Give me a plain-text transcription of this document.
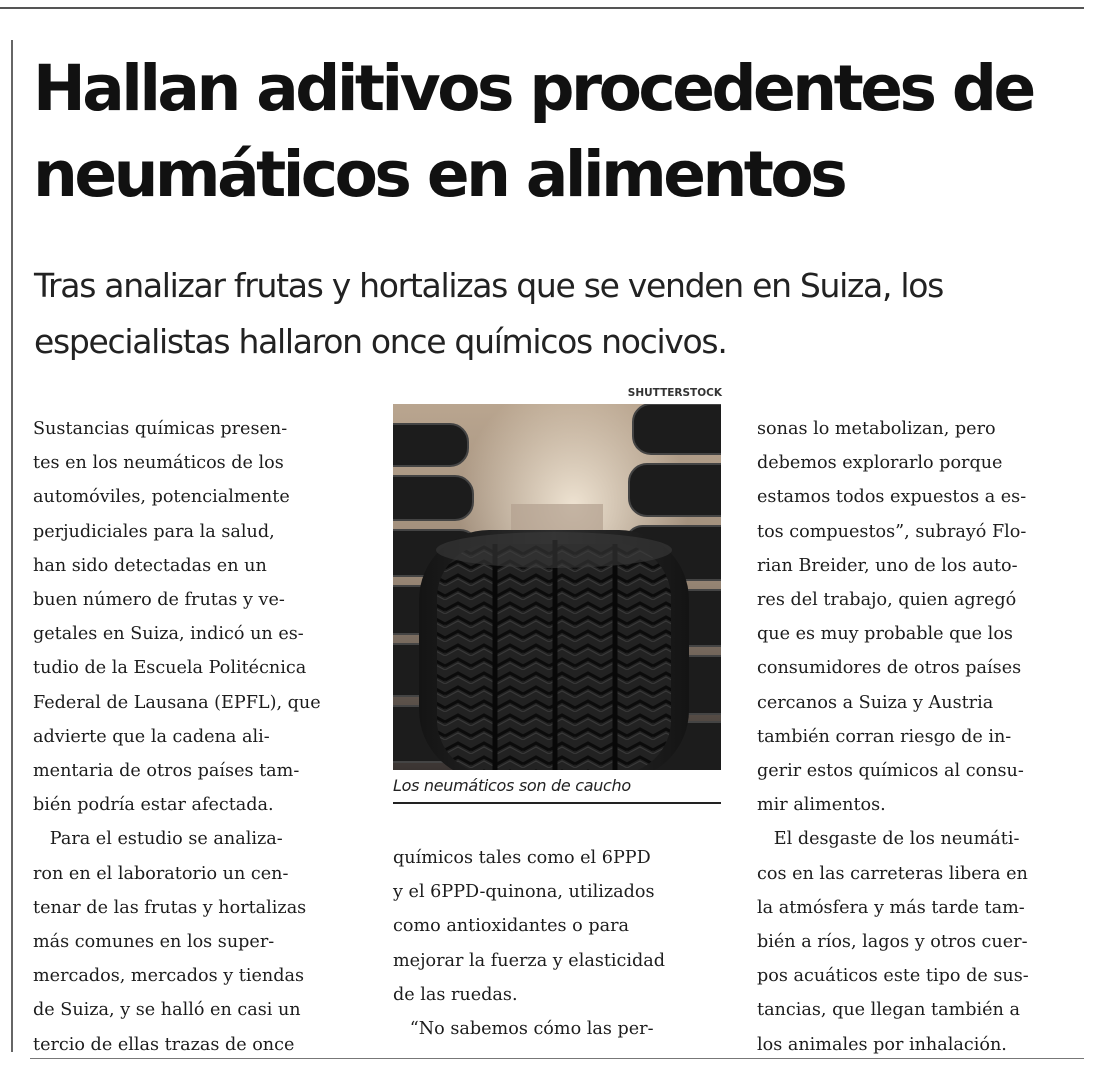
Hallan aditivos procedentes de
neumáticos en alimentos
Tras analizar frutas y hortalizas que se venden en Suiza, los
especialistas hallaron once químicos nocivos.

Sustancias químicas presen-

tes en los neumáticos de los

automóviles, potencialmente

perjudiciales para la salud,

han sido detectadas en un

buen número de frutas y ve-

getales en Suiza, indicó un es-

tudio de la Escuela Politécnica

Federal de Lausana (EPFL), que

advierte que la cadena ali-

mentaria de otros países tam-

bién podría estar afectada.

Para el estudio se analiza-

ron en el laboratorio un cen-

tenar de las frutas y hortalizas

más comunes en los super-

mercados, mercados y tiendas

de Suiza, y se halló en casi un

tercio de ellas trazas de once

SHUTTERSTOCK
Los neumáticos son de caucho

químicos tales como el 6PPD

y el 6PPD-quinona, utilizados

como antioxidantes o para

mejorar la fuerza y elasticidad

de las ruedas.

“No sabemos cómo las per-

sonas lo metabolizan, pero

debemos explorarlo porque

estamos todos expuestos a es-

tos compuestos”, subrayó Flo-

rian Breider, uno de los auto-

res del trabajo, quien agregó

que es muy probable que los

consumidores de otros países

cercanos a Suiza y Austria

también corran riesgo de in-

gerir estos químicos al consu-

mir alimentos.

El desgaste de los neumáti-

cos en las carreteras libera en

la atmósfera y más tarde tam-

bién a ríos, lagos y otros cuer-

pos acuáticos este tipo de sus-

tancias, que llegan también a

los animales por inhalación.
